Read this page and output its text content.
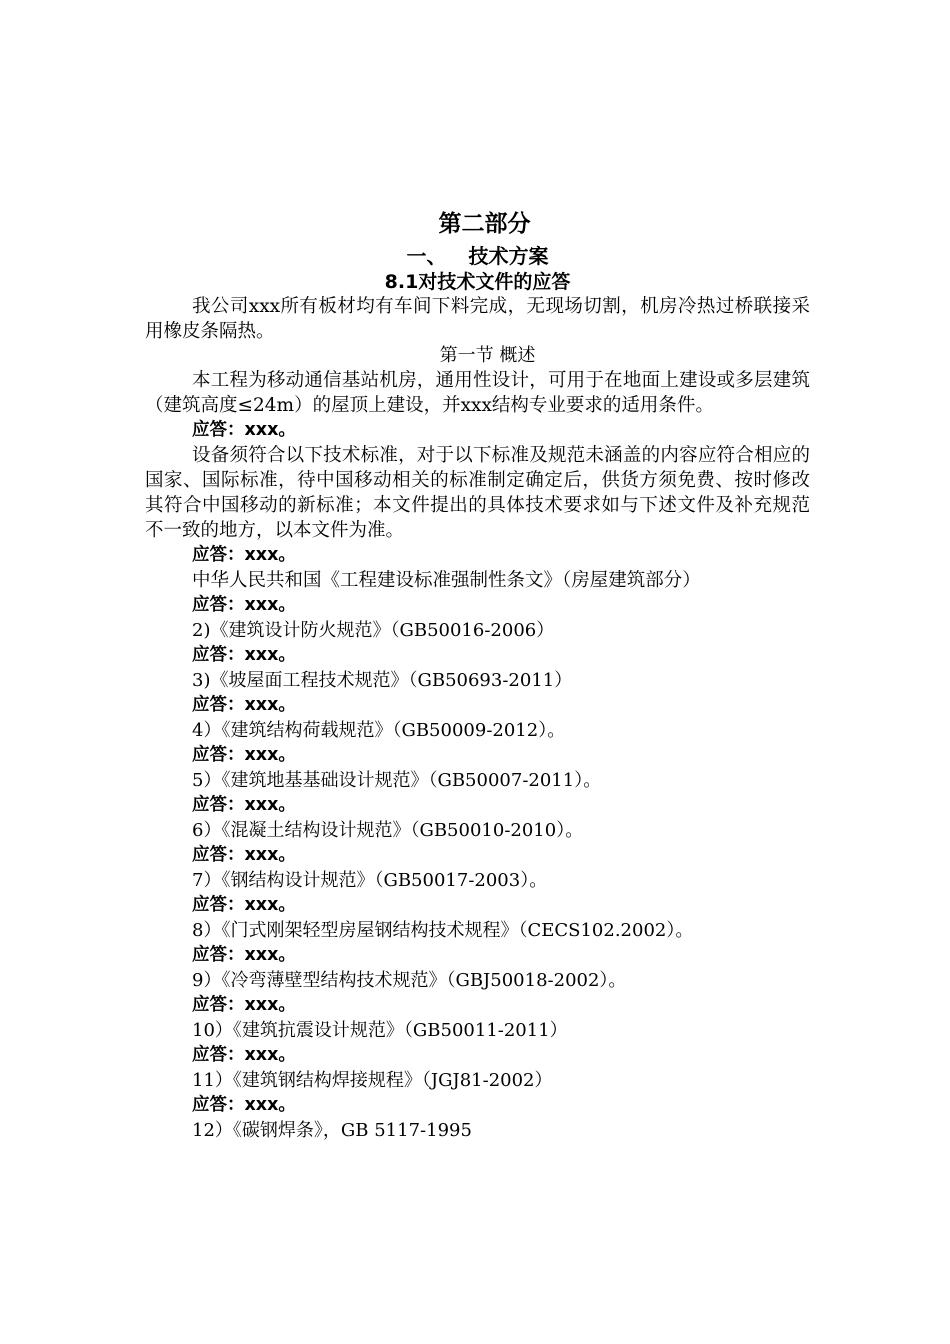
第二部分
一、 技术方案
8.1对技术文件的应答

我公司xxx所有板材均有车间下料完成，无现场切割，机房冷热过桥联接采用橡皮条隔热。

第一节 概述

本工程为移动通信基站机房，通用性设计，可用于在地面上建设或多层建筑（建筑高度≤24m）的屋顶上建设，并xxx结构专业要求的适用条件。

应答：xxx。

设备须符合以下技术标准，对于以下标准及规范未涵盖的内容应符合相应的国家、国际标准，待中国移动相关的标准制定确定后，供货方须免费、按时修改其符合中国移动的新标准；本文件提出的具体技术要求如与下述文件及补充规范不一致的地方，以本文件为准。

应答：xxx。

中华人民共和国《工程建设标准强制性条文》（房屋建筑部分）

应答：xxx。
2)《建筑设计防火规范》（GB50016-2006）
应答：xxx。
3)《坡屋面工程技术规范》（GB50693-2011）
应答：xxx。
4）《建筑结构荷载规范》（GB50009-2012）。
应答：xxx。
5）《建筑地基基础设计规范》（GB50007-2011）。
应答：xxx。
6）《混凝土结构设计规范》（GB50010-2010）。
应答：xxx。
7）《钢结构设计规范》（GB50017-2003）。
应答：xxx。
8）《门式刚架轻型房屋钢结构技术规程》（CECS102.2002）。
应答：xxx。
9）《冷弯薄壁型结构技术规范》（GBJ50018-2002）。
应答：xxx。
10）《建筑抗震设计规范》（GB50011-2011）
应答：xxx。
11）《建筑钢结构焊接规程》（JGJ81-2002）
应答：xxx。
12）《碳钢焊条》，GB 5117-1995
